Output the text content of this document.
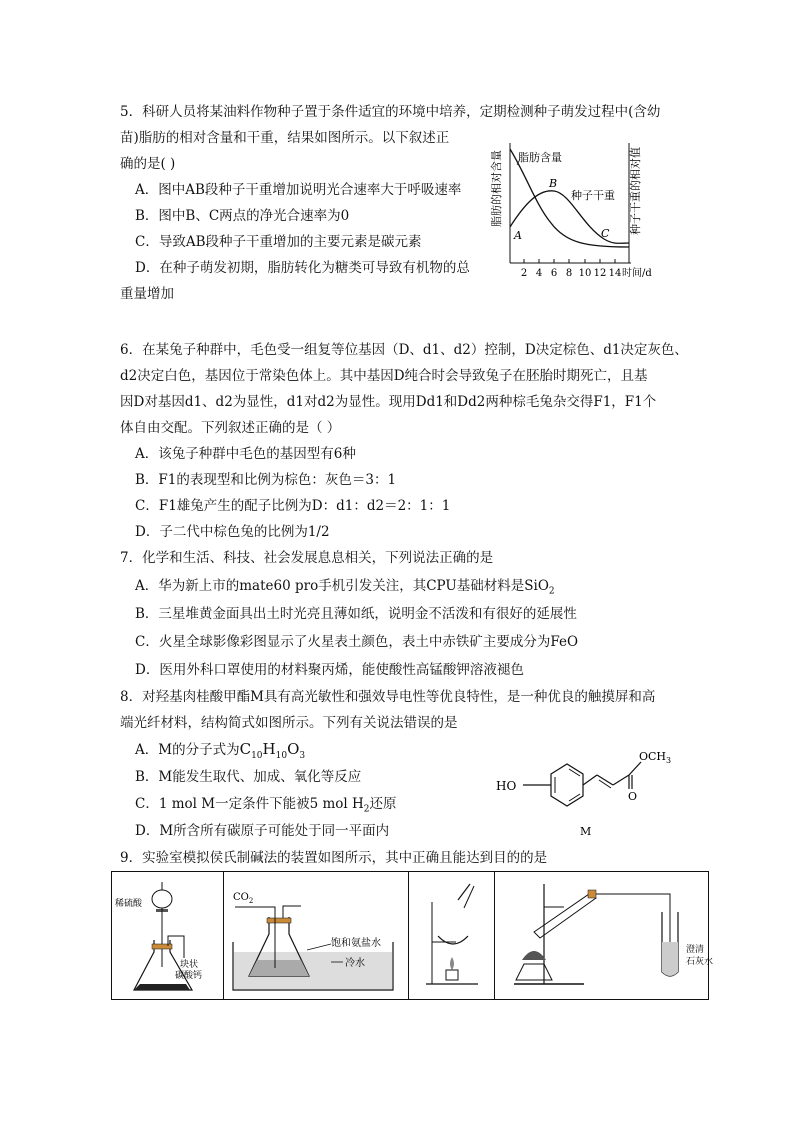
5．科研人员将某油料作物种子置于条件适宜的环境中培养，定期检测种子萌发过程中(含幼
苗)脂肪的相对含量和干重，结果如图所示。以下叙述正
确的是( )
A．图中AB段种子干重增加说明光合速率大于呼吸速率
B．图中B、C两点的净光合速率为0
C．导致AB段种子干重增加的主要元素是碳元素
D．在种子萌发初期，脂肪转化为糖类可导致有机物的总
重量增加
2 4 6 8 10 12 14 时间/d
脂肪的相对含量	种子干重的相对值
脂肪含量
种子干重
A
B
C
6．在某兔子种群中，毛色受一组复等位基因（D、d1、d2）控制，D决定棕色、d1决定灰色、
d2决定白色，基因位于常染色体上。其中基因D纯合时会导致兔子在胚胎时期死亡，且基
因D对基因d1、d2为显性，d1对d2为显性。现用Dd1和Dd2两种棕毛兔杂交得F1，F1个
体自由交配。下列叙述正确的是（ ）
A．该兔子种群中毛色的基因型有6种
B．F1的表现型和比例为棕色：灰色＝3：1
C．F1雄兔产生的配子比例为D：d1：d2＝2：1：1
D．子二代中棕色兔的比例为1/2
7．化学和生活、科技、社会发展息息相关，下列说法正确的是
A．华为新上市的mate60 pro手机引发关注，其CPU基础材料是SiO$_2$
B．三星堆黄金面具出土时光亮且薄如纸，说明金不活泼和有很好的延展性
C．火星全球影像彩图显示了火星表土颜色，表土中赤铁矿主要成分为FeO
D．医用外科口罩使用的材料聚丙烯，能使酸性高锰酸钾溶液褪色
8．对羟基肉桂酸甲酯M具有高光敏性和强效导电性等优良特性，是一种优良的触摸屏和高
端光纤材料，结构简式如图所示。下列有关说法错误的是
A．M的分子式为$C_{10}H_{10}O_3$
B．M能发生取代、加成、氧化等反应
C．1 mol M一定条件下能被5 mol $H_2$还原
D．M所含所有碳原子可能处于同一平面内
HO
O
$OCH_3$
M
9．实验室模拟侯氏制碱法的装置如图所示，其中正确且能达到目的的是
稀硫酸
块状
碳酸钙
$CO_2$
饱和氨盐水
冷水
澄清
石灰水
